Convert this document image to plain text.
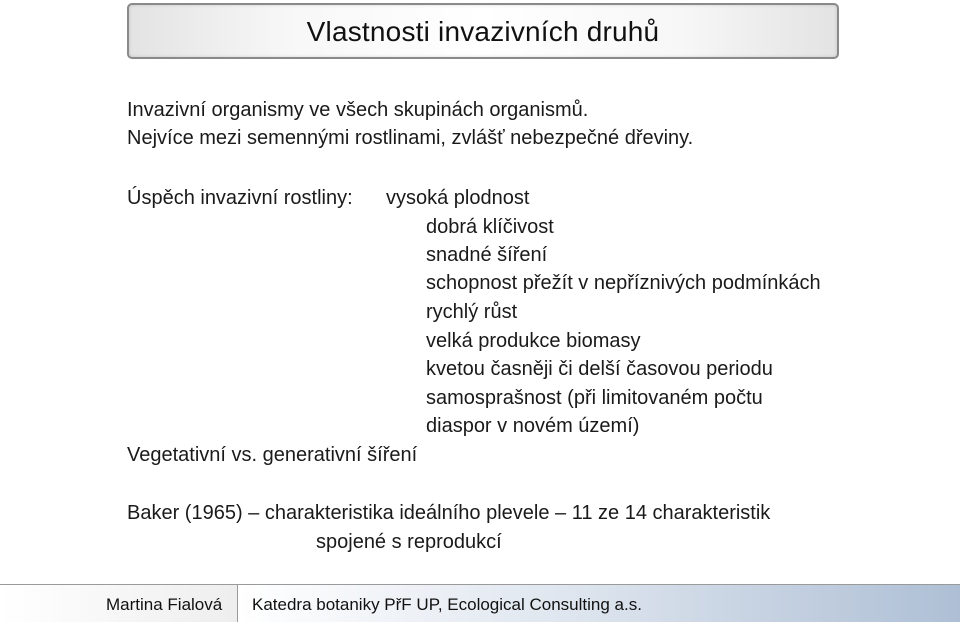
Vlastnosti invazivních druhů
Invazivní organismy ve všech skupinách organismů.
Nejvíce mezi semennými rostlinami, zvlášť nebezpečné dřeviny.
Úspěch invazivní rostliny: vysoká plodnost
dobrá klíčivost
snadné šíření
schopnost přežít v nepříznivých podmínkách
rychlý růst
velká produkce biomasy
kvetou časněji či delší časovou periodu
samosprašnost (při limitovaném počtu
diaspor v novém území)
Vegetativní vs. generativní šíření
Baker (1965) – charakteristika ideálního plevele – 11 ze 14 charakteristik
spojené s reprodukcí
Martina Fialová Katedra botaniky PřF UP, Ecological Consulting a.s.
